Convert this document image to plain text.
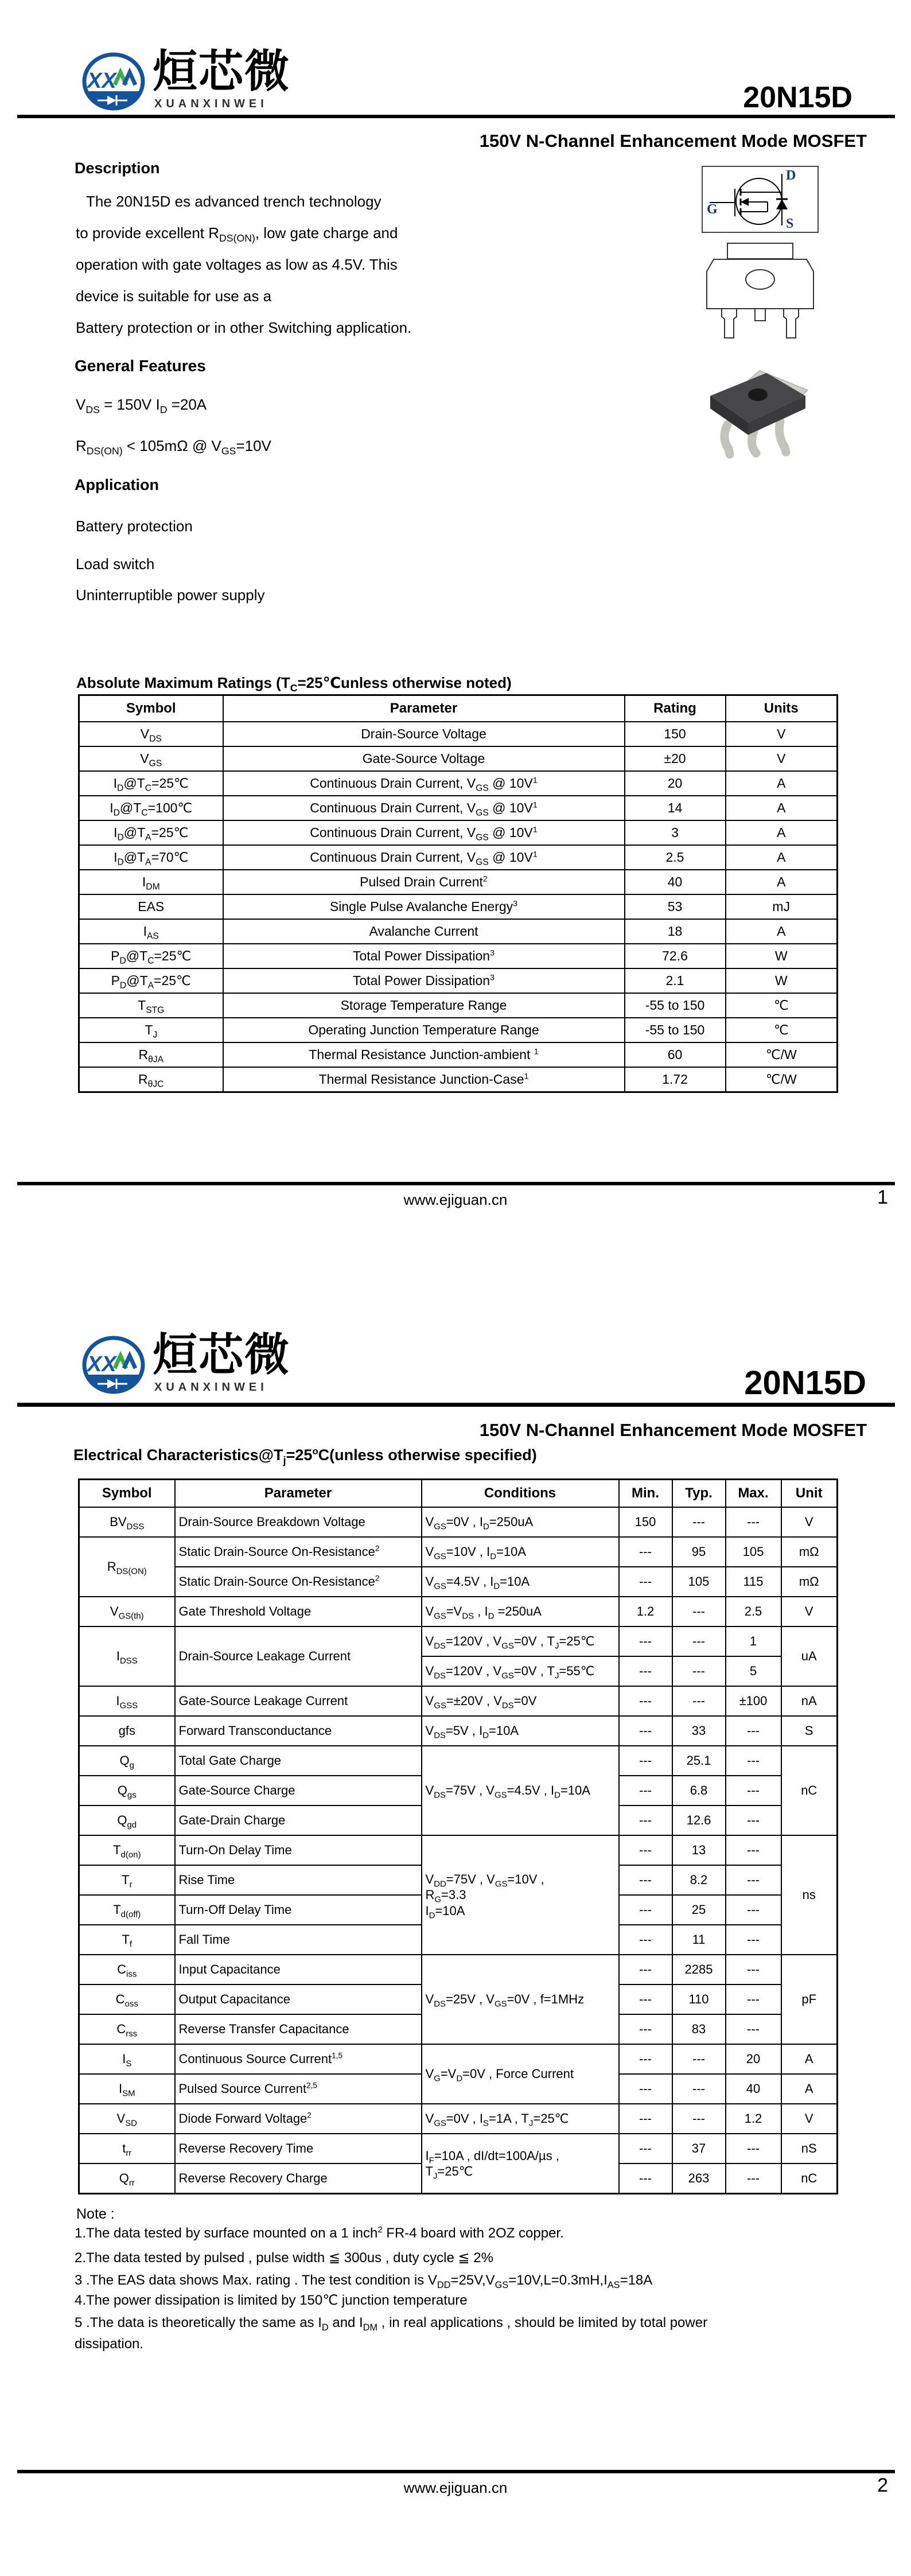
XX 烜芯微
XUANXINWEI	20N15D
150V N-Channel Enhancement Mode MOSFET
Description

The 20N15D es advanced trench technology

to provide excellent $R_{DS(ON)}$, low gate charge and

operation with gate voltages as low as 4.5V. This

device is suitable for use as a

Battery protection or in other Switching application.

General Features

$V_{DS} = 150V$ $I_D =20A$

$R_{DS(ON)} < 105m\Omega$ @ $V_{GS}=10V$

Application

Battery protection

Load switch

Uninterruptible power supply

D
G
S
Absolute Maximum Ratings ($T_C=25℃unless$ otherwise noted)
Symbol	Parameter	Rating	Units
$V_{DS}$	Drain-Source Voltage	150	V
$V_{GS}$	Gate-Source Voltage	±20	V
$I_D@T_C=25℃$	Continuous Drain Current, $V_{GS}$ @ $10V^1$	20	A
$I_D@T_C=100℃$	Continuous Drain Current, $V_{GS}$ @ $10V^1$	14	A
$I_D@T_A=25℃$	Continuous Drain Current, $V_{GS}$ @ $10V^1$	3	A
$I_D@T_A=70℃$	Continuous Drain Current, $V_{GS}$ @ $10V^1$	2.5	A
$I_{DM}$	Pulsed Drain Current$^2$	40	A
EAS	Single Pulse Avalanche Energy$^3$	53	mJ
$I_{AS}$	Avalanche Current	18	A
$P_D@T_C=25℃$	Total Power Dissipation$^3$	72.6	W
$P_D@T_A=25℃$	Total Power Dissipation$^3$	2.1	W
$T_{STG}$	Storage Temperature Range	-55 to 150	℃
$T_J$	Operating Junction Temperature Range	-55 to 150	℃
$R_{\theta JA}$	Thermal Resistance Junction-ambient $^1$	60	℃/W
$R_{\theta JC}$	Thermal Resistance Junction-Case$^1$	1.72	℃/W
www.ejiguan.cn	1
XX 烜芯微
XUANXINWEI	20N15D
150V N-Channel Enhancement Mode MOSFET
Electrical $Characteristics@T_j=25^oC(unless$ otherwise specified)
Symbol	Parameter	Conditions	Min.	Typ.	Max.	Unit
$BV_{DSS}$	Drain-Source Breakdown Voltage	$V_{GS}=0V$ , $I_D=250uA$	150	---	---	V
$R_{DS(ON)}$	Static Drain-Source On-Resistance$^2$	$V_{GS}=10V$ , $I_D=10A$	---	95	105	mΩ
	Static Drain-Source On-Resistance$^2$	$V_{GS}=4.5V$ , $I_D=10A$	---	105	115	mΩ
$V_{GS(th)}$	Gate Threshold Voltage	$V_{GS}=V_{DS}$ , $I_D =250uA$	1.2	---	2.5	V
$I_{DSS}$	Drain-Source Leakage Current	$V_{DS}=120V$ , $V_{GS}=0V$ , $T_J=25℃$	---	---	1	uA
		$V_{DS}=120V$ , $V_{GS}=0V$ , $T_J=55℃$	---	---	5	
$I_{GSS}$	Gate-Source Leakage Current	$V_{GS}=\pm 20V$ , $V_{DS}=0V$	---	---	±100	nA
gfs	Forward Transconductance	$V_{DS}=5V$ , $I_D=10A$	---	33	---	S
$Q_g$	Total Gate Charge	$V_{DS}=75V$ , $V_{GS}=4.5V$ , $I_D=10A$	---	25.1	---	nC
$Q_{gs}$	Gate-Source Charge		---	6.8	---	
$Q_{gd}$	Gate-Drain Charge		---	12.6	---	
$T_{d(on)}$	Turn-On Delay Time	$V_{DD}=75V$ , $V_{GS}=10V$ ,
$R_G=3.3$
$I_D=10A$	---	13	---	ns
$T_r$	Rise Time		---	8.2	---	
$T_{d(off)}$	Turn-Off Delay Time		---	25	---	
$T_f$	Fall Time		---	11	---	
$C_{iss}$	Input Capacitance	$V_{DS}=25V$ , $V_{GS}=0V$ , f=1MHz	---	2285	---	pF
$C_{oss}$	Output Capacitance		---	110	---	
$C_{rss}$	Reverse Transfer Capacitance		---	83	---	
$I_S$	Continuous Source Current$^{1,5}$	$V_G=V_D=0V$ , Force Current	---	---	20	A
$I_{SM}$	Pulsed Source Current$^{2,5}$		---	---	40	A
$V_{SD}$	Diode Forward Voltage$^2$	$V_{GS}=0V$ , $I_S=1A$ , $T_J=25℃$	---	---	1.2	V
$t_{rr}$	Reverse Recovery Time	$I_F=10A$ , dI/dt=100A/µs ,
$T_J=25℃$	---	37	---	nS
$Q_{rr}$	Reverse Recovery Charge		---	263	---	nC

Note :

1.The data tested by surface mounted on a 1 inch$^2$ FR-4 board with 2OZ copper.

2.The data tested by pulsed , pulse width ≦ 300us , duty cycle ≦ 2%

3 .The EAS data shows Max. rating . The test condition is $V_{DD}=25V,V_{GS}=10V,L=0.3mH,I_{AS}=18A$

4.The power dissipation is limited by 150℃ junction temperature

5 .The data is theoretically the same as $I_D$ and $I_{DM}$ , in real applications , should be limited by total power

dissipation.

www.ejiguan.cn	2
